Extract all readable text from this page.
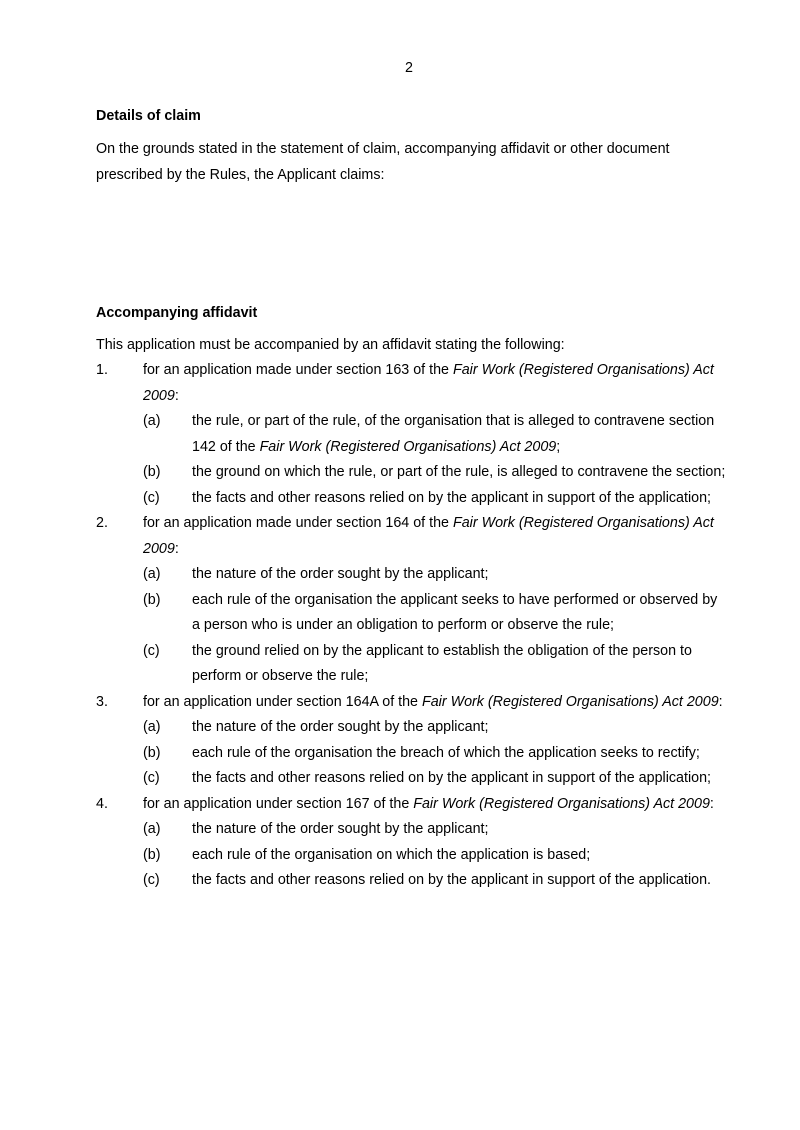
2
Details of claim
On the grounds stated in the statement of claim, accompanying affidavit or other document prescribed by the Rules, the Applicant claims:
Accompanying affidavit
This application must be accompanied by an affidavit stating the following:
1. for an application made under section 163 of the Fair Work (Registered Organisations) Act 2009:
(a) the rule, or part of the rule, of the organisation that is alleged to contravene section 142 of the Fair Work (Registered Organisations) Act 2009;
(b) the ground on which the rule, or part of the rule, is alleged to contravene the section;
(c) the facts and other reasons relied on by the applicant in support of the application;
2. for an application made under section 164 of the Fair Work (Registered Organisations) Act 2009:
(a) the nature of the order sought by the applicant;
(b) each rule of the organisation the applicant seeks to have performed or observed by a person who is under an obligation to perform or observe the rule;
(c) the ground relied on by the applicant to establish the obligation of the person to perform or observe the rule;
3. for an application under section 164A of the Fair Work (Registered Organisations) Act 2009:
(a) the nature of the order sought by the applicant;
(b) each rule of the organisation the breach of which the application seeks to rectify;
(c) the facts and other reasons relied on by the applicant in support of the application;
4. for an application under section 167 of the Fair Work (Registered Organisations) Act 2009:
(a) the nature of the order sought by the applicant;
(b) each rule of the organisation on which the application is based;
(c) the facts and other reasons relied on by the applicant in support of the application.
